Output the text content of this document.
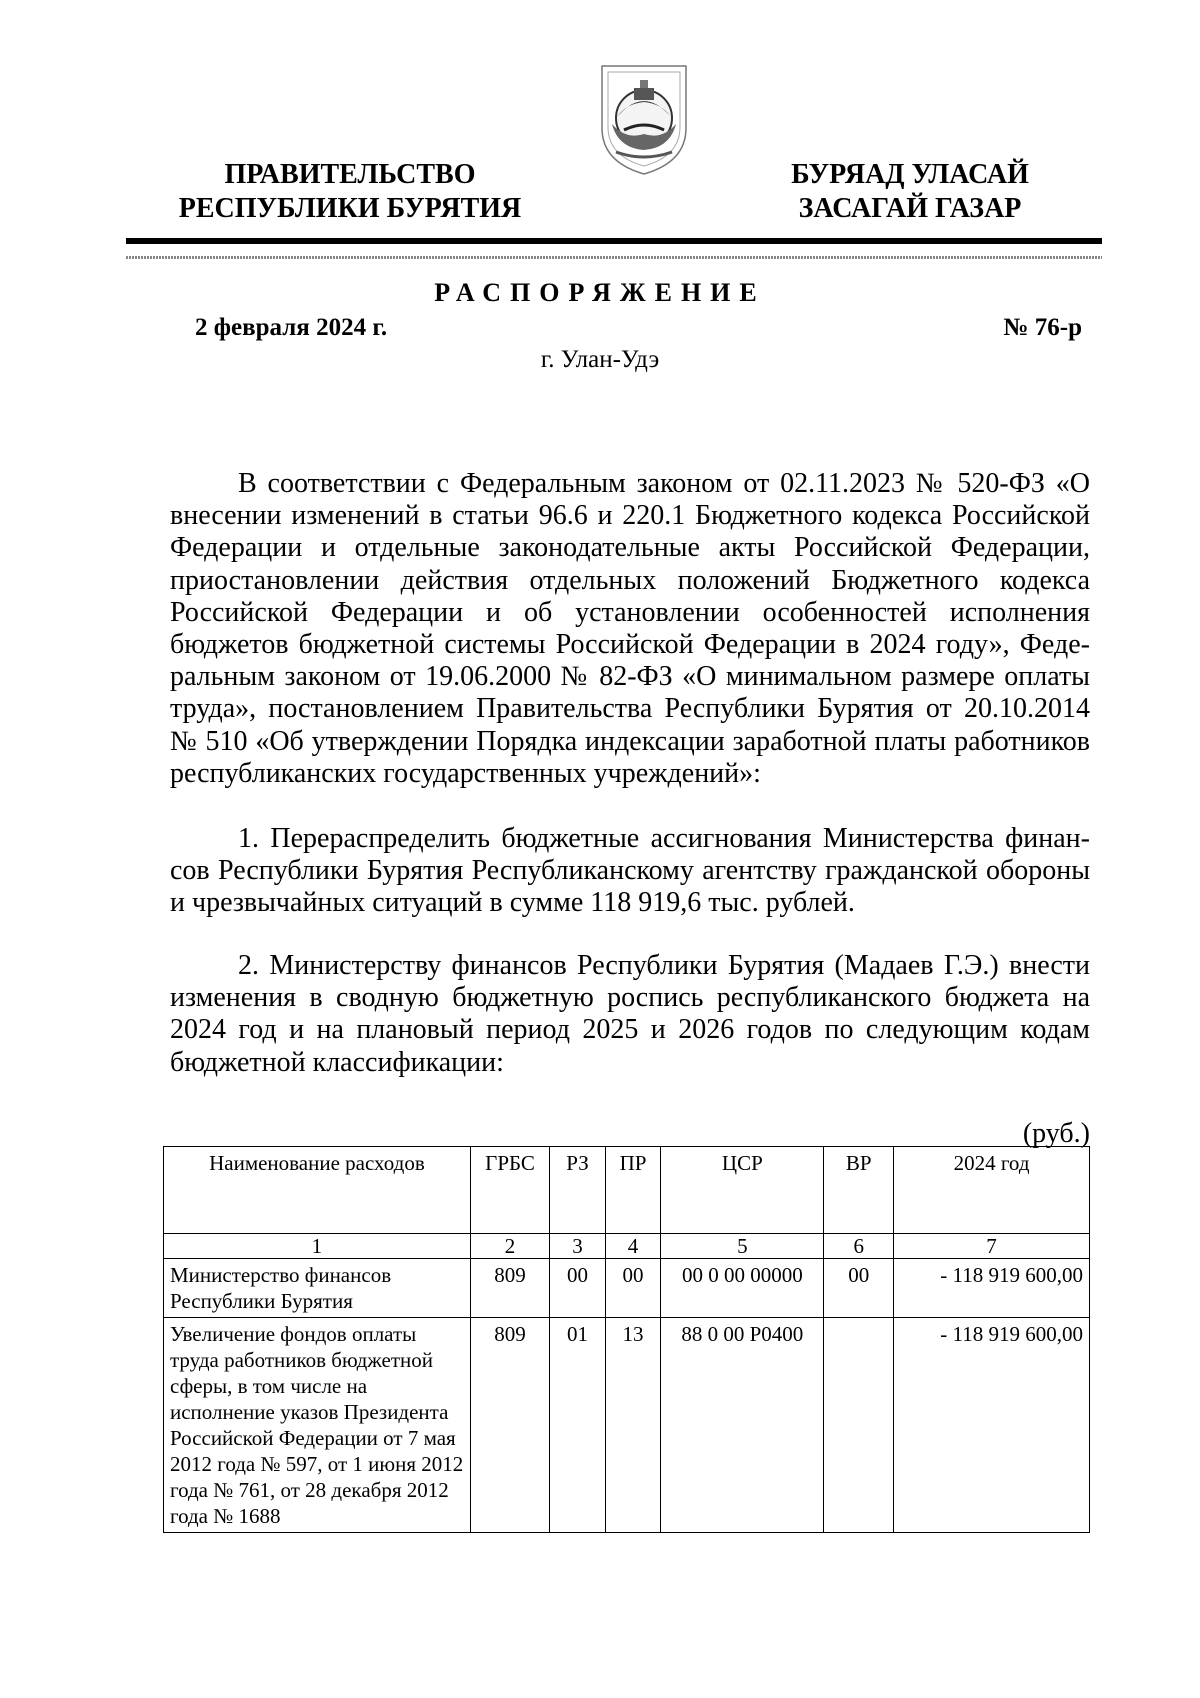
ПРАВИТЕЛЬСТВО
РЕСПУБЛИКИ БУРЯТИЯ
БУРЯАД УЛАСАЙ
ЗАСАГАЙ ГАЗАР
РАСПОРЯЖЕНИЕ
2 февраля 2024 г.	№ 76-р
г. Улан-Удэ

В соответствии с Федеральным законом от 02.11.2023 № 520-ФЗ «О внесении изменений в статьи 96.6 и 220.1 Бюджетного кодекса Российской Федерации и отдельные законодательные акты Российской Федерации, приостановлении действия отдельных положений Бюджетного кодекса Российской Федерации и об установлении особенностей исполнения бюджетов бюджетной системы Российской Федерации в 2024 году», Федеральным законом от 19.06.2000 № 82-ФЗ «О минимальном размере оплаты труда», постановлением Правительства Республики Бурятия от 20.10.2014 № 510 «Об утверждении Порядка индексации заработной платы работников республиканских государственных учреждений»:

1. Перераспределить бюджетные ассигнования Министерства финансов Республики Бурятия Республиканскому агентству гражданской обороны и чрезвычайных ситуаций в сумме 118 919,6 тыс. рублей.

2. Министерству финансов Республики Бурятия (Мадаев Г.Э.) внести изменения в сводную бюджетную роспись республиканского бюджета на 2024 год и на плановый период 2025 и 2026 годов по следующим кодам бюджетной классификации:

(руб.)
Наименование расходов	ГРБС	РЗ	ПР	ЦСР	ВР	2024 год
1	2	3	4	5	6	7
Министерство финансов Республики Бурятия	809	00	00	00 0 00 00000	00	- 118 919 600,00
Увеличение фондов оплаты труда работников бюджетной сферы, в том числе на исполнение указов Президента Российской Федерации от 7 мая 2012 года № 597, от 1 июня 2012 года № 761, от 28 декабря 2012 года № 1688	809	01	13	88 0 00 Р0400		- 118 919 600,00
